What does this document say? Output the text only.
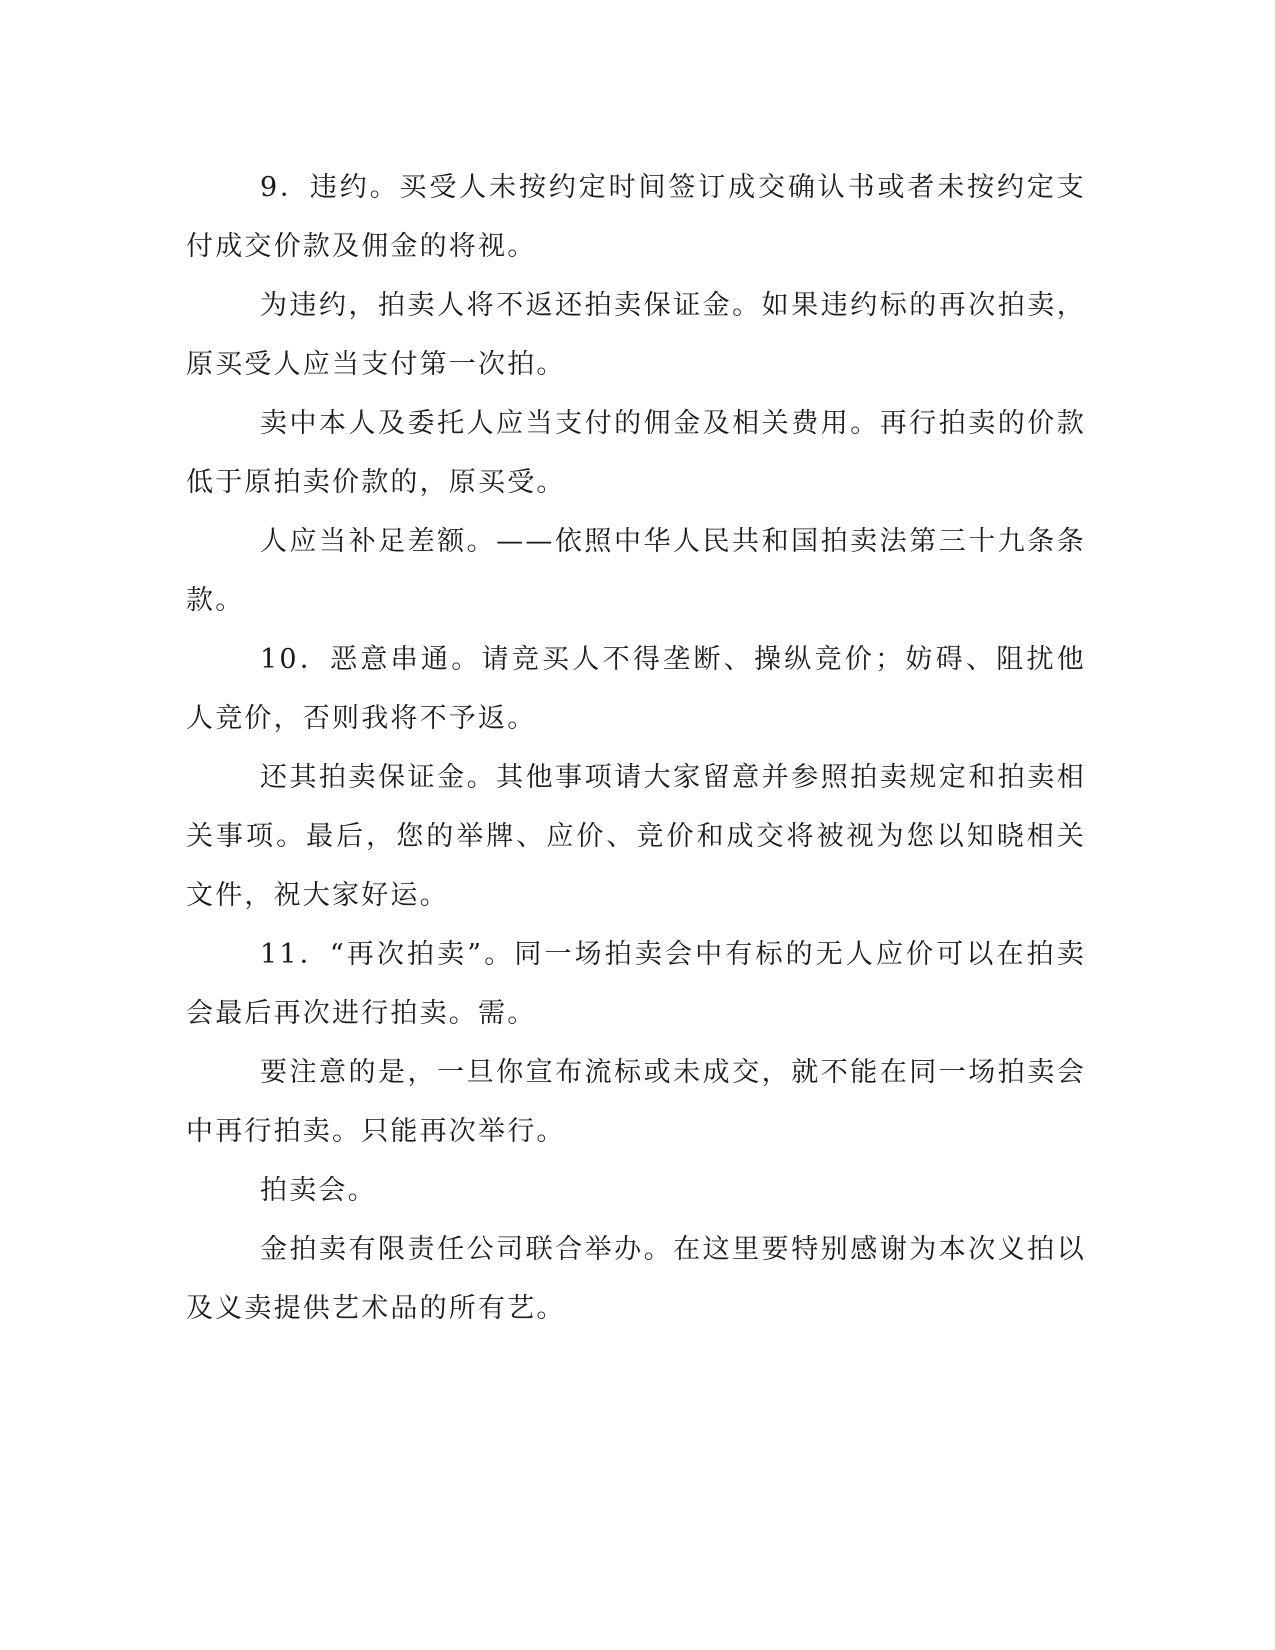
9．违约。买受人未按约定时间签订成交确认书或者未按约定支付成交价款及佣金的将视。

为违约，拍卖人将不返还拍卖保证金。如果违约标的再次拍卖，原买受人应当支付第一次拍。

卖中本人及委托人应当支付的佣金及相关费用。再行拍卖的价款低于原拍卖价款的，原买受。

人应当补足差额。——依照中华人民共和国拍卖法第三十九条条款。

10．恶意串通。请竞买人不得垄断、操纵竞价；妨碍、阻扰他人竞价，否则我将不予返。

还其拍卖保证金。其他事项请大家留意并参照拍卖规定和拍卖相关事项。最后，您的举牌、应价、竞价和成交将被视为您以知晓相关文件，祝大家好运。

11．“再次拍卖”。同一场拍卖会中有标的无人应价可以在拍卖会最后再次进行拍卖。需。

要注意的是，一旦你宣布流标或未成交，就不能在同一场拍卖会中再行拍卖。只能再次举行。

拍卖会。

金拍卖有限责任公司联合举办。在这里要特别感谢为本次义拍以及义卖提供艺术品的所有艺。
